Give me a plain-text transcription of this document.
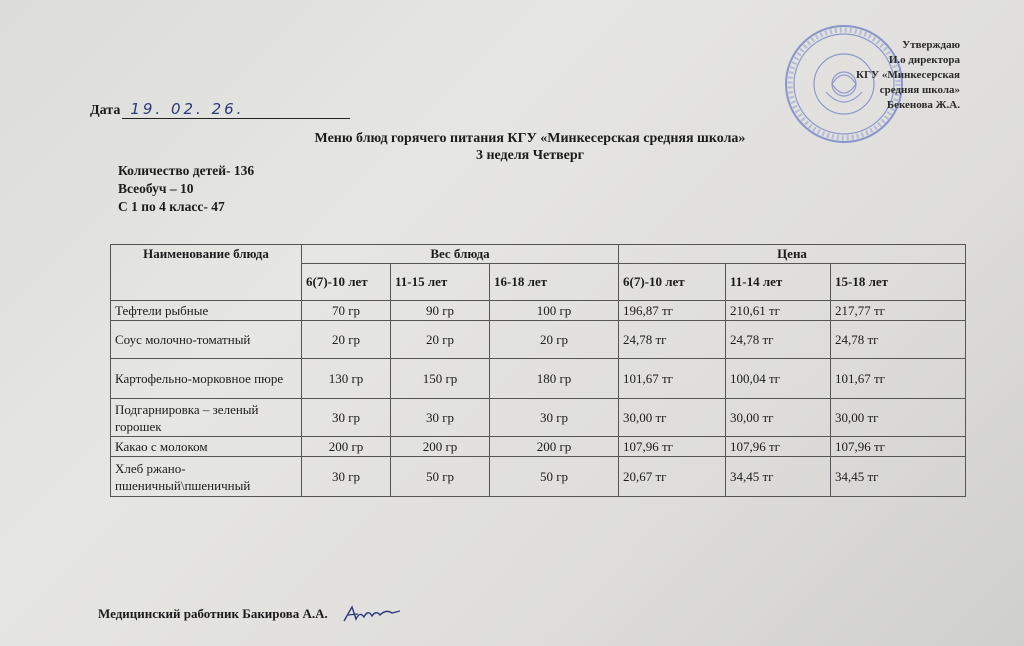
Утверждаю
И.о директора
КГУ «Минкесерская
средняя школа»
Бекенова Ж.А.
Дата 19. 02. 26.
Меню блюд горячего питания КГУ «Минкесерская средняя школа»
3 неделя Четверг
Количество детей- 136
Всеобуч – 10
С 1 по 4 класс- 47
Наименование блюда	Вес блюда			Цена		
	6(7)-10 лет	11-15 лет	16-18 лет	6(7)-10 лет	11-14 лет	15-18 лет
Тефтели рыбные	70 гр	90 гр	100 гр	196,87 тг	210,61 тг	217,77 тг
Соус молочно-томатный	20 гр	20 гр	20 гр	24,78 тг	24,78 тг	24,78 тг
Картофельно-морковное пюре	130 гр	150 гр	180 гр	101,67 тг	100,04 тг	101,67 тг
Подгарнировка – зеленый горошек	30 гр	30 гр	30 гр	30,00 тг	30,00 тг	30,00 тг
Какао с молоком	200 гр	200 гр	200 гр	107,96 тг	107,96 тг	107,96 тг
Хлеб ржано-пшеничный\пшеничный	30 гр	50 гр	50 гр	20,67 тг	34,45 тг	34,45 тг
Медицинский работник Бакирова А.А.
